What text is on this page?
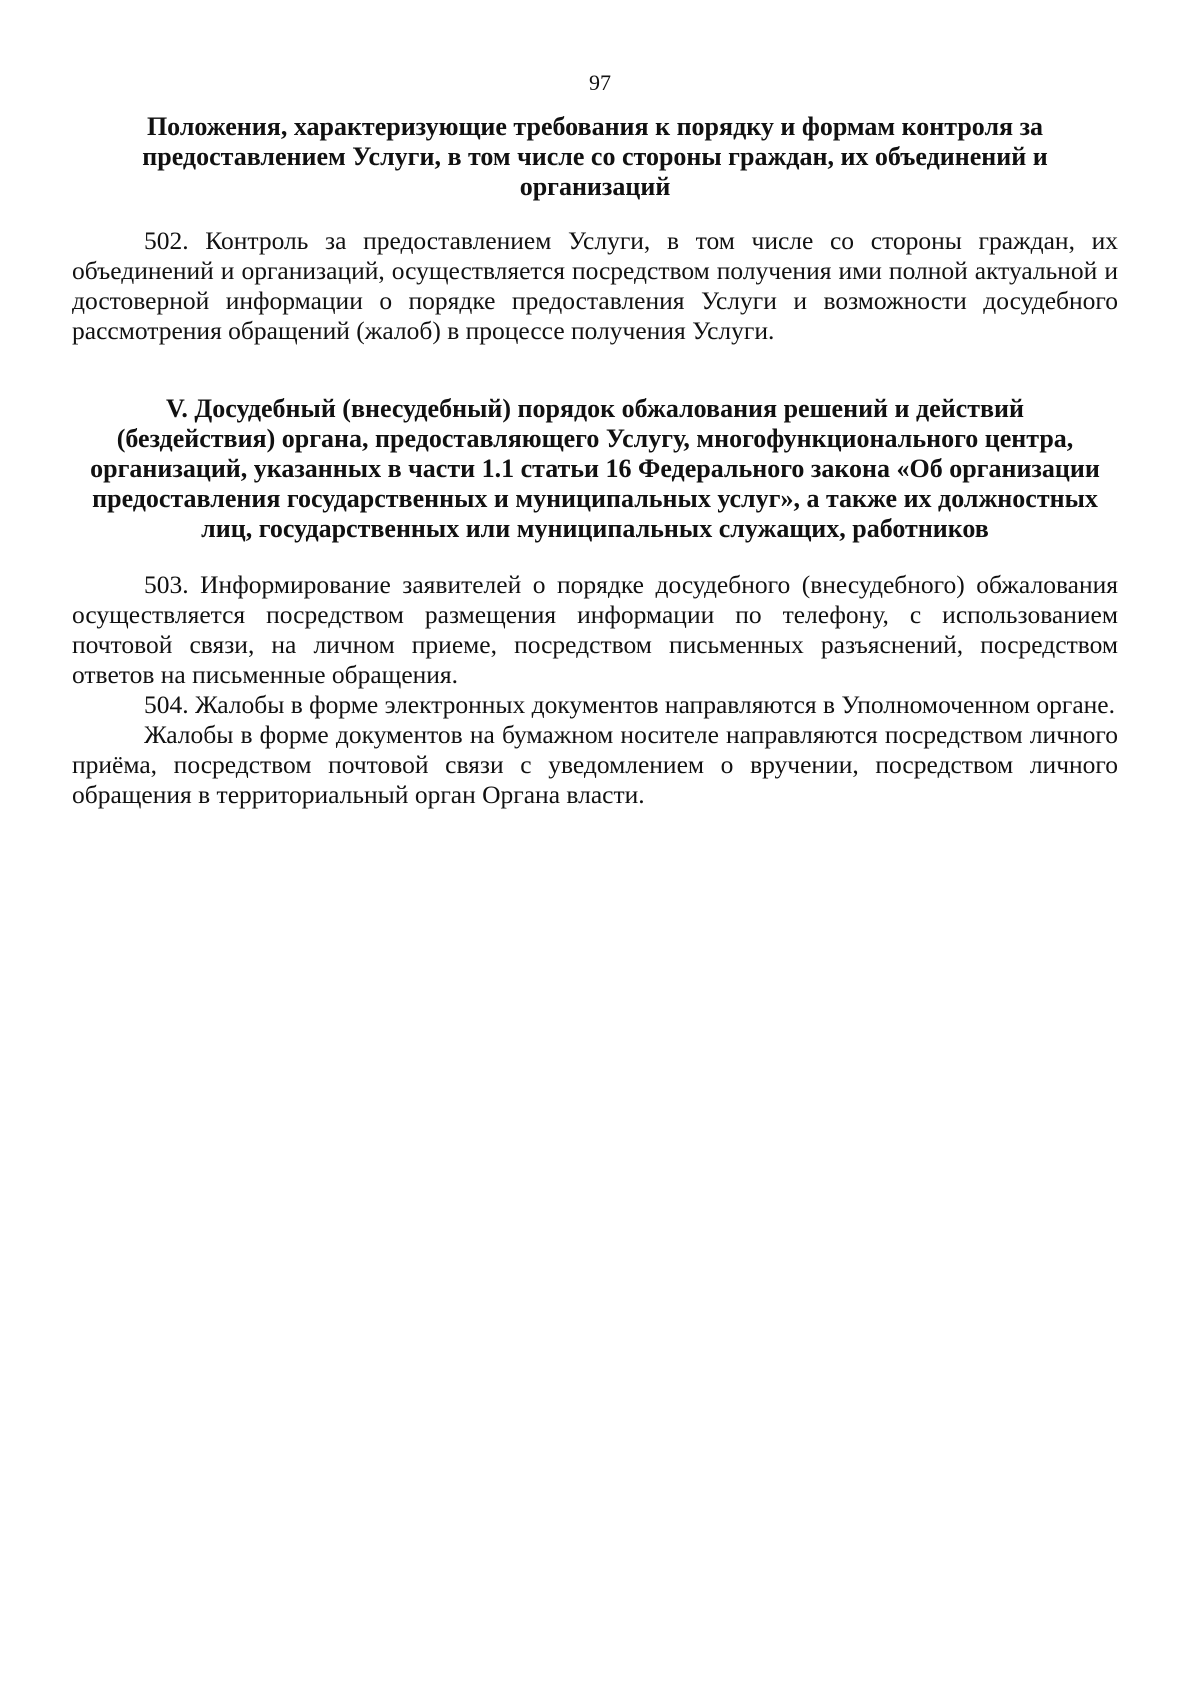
97

Положения, характеризующие требования к порядку и формам контроля за предоставлением Услуги, в том числе со стороны граждан, их объединений и организаций

502. Контроль за предоставлением Услуги, в том числе со стороны граждан, их объединений и организаций, осуществляется посредством получения ими полной актуальной и достоверной информации о порядке предоставления Услуги и возможности досудебного рассмотрения обращений (жалоб) в процессе получения Услуги.

V. Досудебный (внесудебный) порядок обжалования решений и действий (бездействия) органа, предоставляющего Услугу, многофункционального центра, организаций, указанных в части 1.1 статьи 16 Федерального закона «Об организации предоставления государственных и муниципальных услуг», а также их должностных лиц, государственных или муниципальных служащих, работников

503. Информирование заявителей о порядке досудебного (внесудебного) обжалования осуществляется посредством размещения информации по телефону, с использованием почтовой связи, на личном приеме, посредством письменных разъяснений, посредством ответов на письменные обращения.

504. Жалобы в форме электронных документов направляются в Уполномоченном органе.

Жалобы в форме документов на бумажном носителе направляются посредством личного приёма, посредством почтовой связи с уведомлением о вручении, посредством личного обращения в территориальный орган Органа власти.
